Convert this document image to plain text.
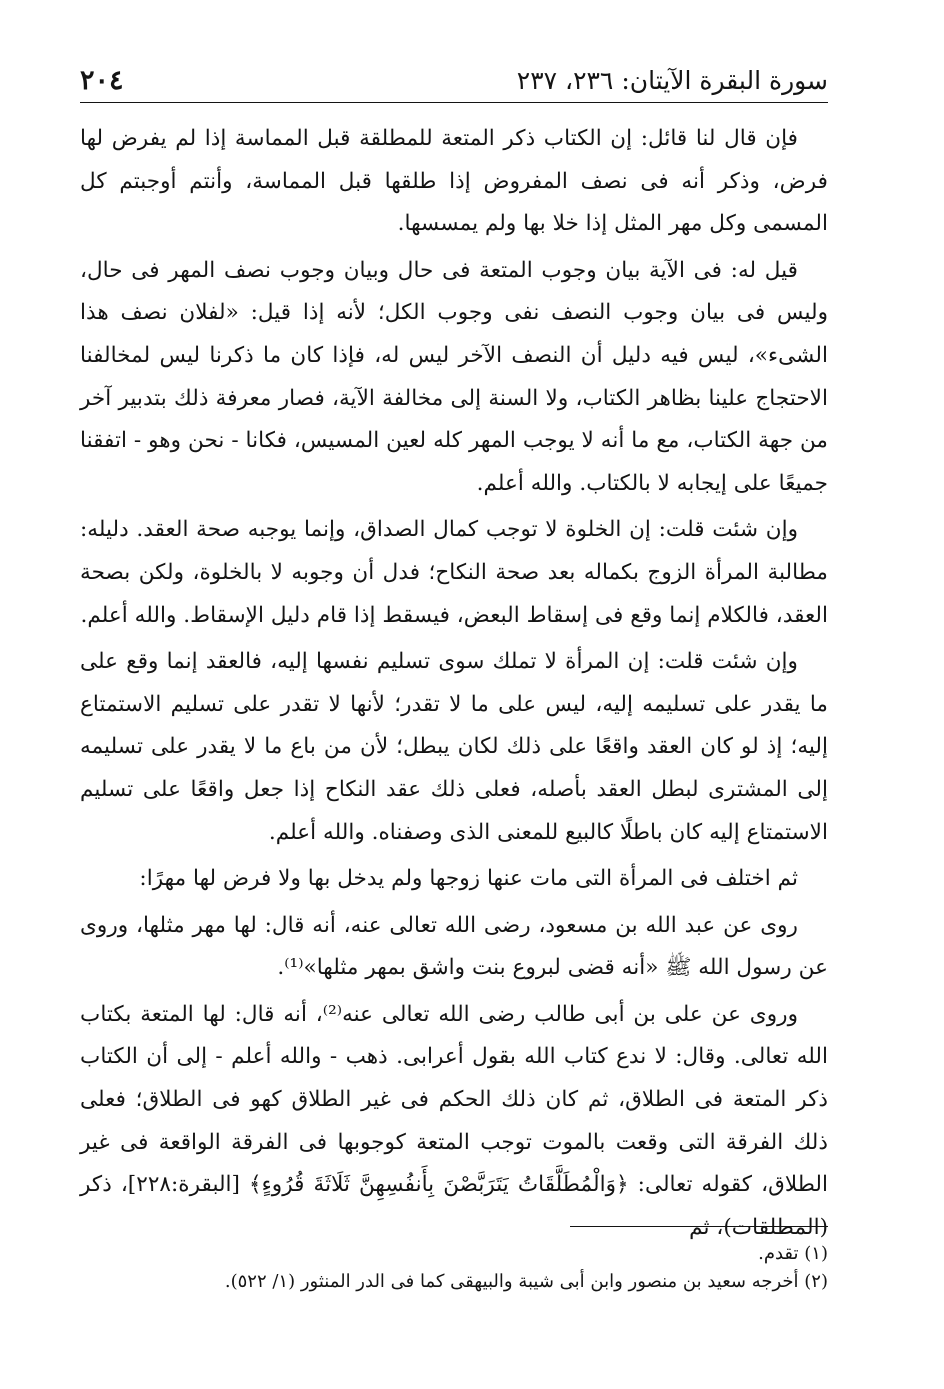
سورة البقرة الآيتان: ٢٣٦، ٢٣٧
٢٠٤

فإن قال لنا قائل: إن الكتاب ذكر المتعة للمطلقة قبل المماسة إذا لم يفرض لها فرض، وذكر أنه فى نصف المفروض إذا طلقها قبل المماسة، وأنتم أوجبتم كل المسمى وكل مهر المثل إذا خلا بها ولم يمسسها.

قيل له: فى الآية بيان وجوب المتعة فى حال وبيان وجوب نصف المهر فى حال، وليس فى بيان وجوب النصف نفى وجوب الكل؛ لأنه إذا قيل: «لفلان نصف هذا الشىء»، ليس فيه دليل أن النصف الآخر ليس له، فإذا كان ما ذكرنا ليس لمخالفنا الاحتجاج علينا بظاهر الكتاب، ولا السنة إلى مخالفة الآية، فصار معرفة ذلك بتدبير آخر من جهة الكتاب، مع ما أنه لا يوجب المهر كله لعين المسيس، فكانا - نحن وهو - اتفقنا جميعًا على إيجابه لا بالكتاب. والله أعلم.

وإن شئت قلت: إن الخلوة لا توجب كمال الصداق، وإنما يوجبه صحة العقد. دليله: مطالبة المرأة الزوج بكماله بعد صحة النكاح؛ فدل أن وجوبه لا بالخلوة، ولكن بصحة العقد، فالكلام إنما وقع فى إسقاط البعض، فيسقط إذا قام دليل الإسقاط. والله أعلم.

وإن شئت قلت: إن المرأة لا تملك سوى تسليم نفسها إليه، فالعقد إنما وقع على ما يقدر على تسليمه إليه، ليس على ما لا تقدر؛ لأنها لا تقدر على تسليم الاستمتاع إليه؛ إذ لو كان العقد واقعًا على ذلك لكان يبطل؛ لأن من باع ما لا يقدر على تسليمه إلى المشترى لبطل العقد بأصله، فعلى ذلك عقد النكاح إذا جعل واقعًا على تسليم الاستمتاع إليه كان باطلًا كالبيع للمعنى الذى وصفناه. والله أعلم.

ثم اختلف فى المرأة التى مات عنها زوجها ولم يدخل بها ولا فرض لها مهرًا:

روى عن عبد الله بن مسعود، رضى الله تعالى عنه، أنه قال: لها مهر مثلها، وروى عن رسول الله ﷺ «أنه قضى لبروع بنت واشق بمهر مثلها»⁽¹⁾.

وروى عن على بن أبى طالب رضى الله تعالى عنه⁽²⁾، أنه قال: لها المتعة بكتاب الله تعالى. وقال: لا ندع كتاب الله بقول أعرابى. ذهب - والله أعلم - إلى أن الكتاب ذكر المتعة فى الطلاق، ثم كان ذلك الحكم فى غير الطلاق كهو فى الطلاق؛ فعلى ذلك الفرقة التى وقعت بالموت توجب المتعة كوجوبها فى الفرقة الواقعة فى غير الطلاق، كقوله تعالى: ﴿وَالْمُطَلَّقَاتُ يَتَرَبَّصْنَ بِأَنفُسِهِنَّ ثَلَاثَةَ قُرُوءٍ﴾ [البقرة:٢٢٨]، ذكر (المطلقات)، ثم

(١) تقدم.

(٢) أخرجه سعيد بن منصور وابن أبى شيبة والبيهقى كما فى الدر المنثور (١/ ٥٢٢).
